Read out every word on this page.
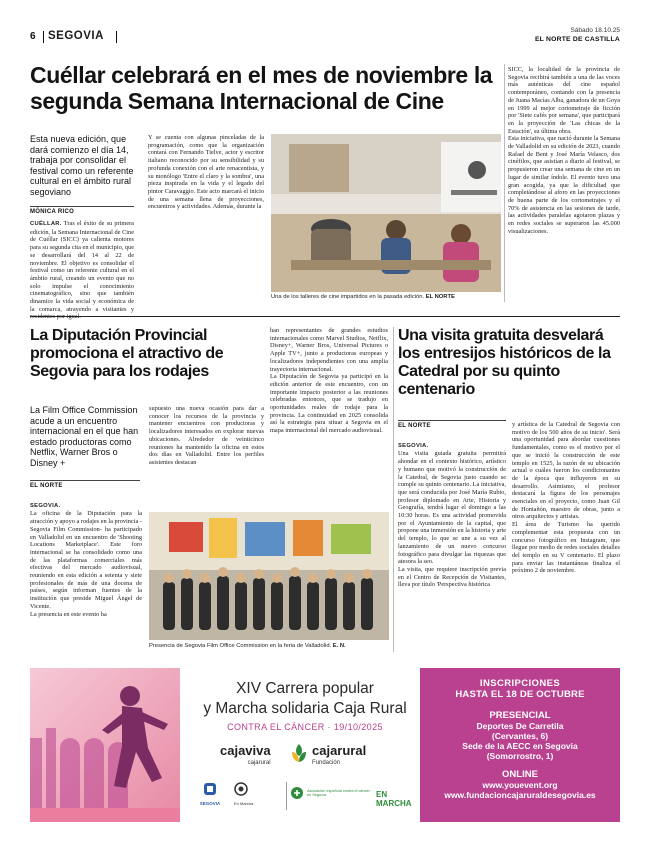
6 SEGOVIA	Sábado 18.10.25
EL NORTE DE CASTILLA
Cuéllar celebrará en el mes de noviembre la segunda Semana Internacional de Cine

Esta nueva edición, que dará comienzo el día 14, trabaja por consolidar el festival como un referente cultural en el ámbito rural segoviano

MÓNICA RICO
CUÉLLAR. Tras el éxito de su primera edición, la Semana Internacional de Cine de Cuéllar (SICC) ya calienta motores para su segunda cita en el municipio, que se desarrollará del 14 al 22 de noviembre. El objetivo es consolidar el festival como un referente cultural en el ámbito rural, creando un evento que no solo impulse el conocimiento cinematográfico, sino que también dinamice la vida social y económica de la comarca, atrayendo a visitantes y
Y se cuenta con algunas pinceladas de la programación, como que la organización contará con Fernando Tielve, actor y escritor italiano reconocido por su sensibilidad y su profunda conexión con el arte renacentista, y su monólogo 'Entre el claro y la sombra', una pieza inspirada en la vida y el legado del pintor Caravaggio. Este acto marcará el inicio de una semana llena de proyecciones, encuentros y actividades. Además, durante la
Una de los talleres de cine impartidos en la pasada edición. EL NORTE
SICC, la localidad de la provincia de Segovia recibirá también a una de las voces más auténticas del cine español contemporáneo, contando con la presencia de Juana Macías Alba, ganadora de un Goya en 1999 al mejor cortometraje de ficción por 'Siete cafés por semana', que participará en la proyección de 'Las chicas de la Estación', su última obra.
Esta iniciativa, que nació durante la Semana de Valladolid en su edición de 2023, cuando Rafael de Bent y José María Velasco, dos cinéfilos, que asistían a diario al festival, se propusieron crear una semana de cine en un lugar de similar índole. El evento tuvo una gran acogida, ya que la dificultad que completándose al aforo en las proyecciones de buena parte de los cortometrajes y el 70% de asistencia en las sesiones de tarde, las actividades paralelas agotaron plazas y en redes sociales se superaron las 45.000 visualizaciones.
La Diputación Provincial promociona el atractivo de Segovia para los rodajes

La Film Office Commission acude a un encuentro internacional en el que han estado productoras como Netflix, Warner Bros o Disney +

EL NORTE

SEGOVIA.
La oficina de la Diputación para la atracción y apoyo a rodajes en la provincia -Segovia Film Commission- ha participado en Valladolid en un encuentro de 'Shooting Locations Marketplace'. Este foro internacional se ha consolidado como una de las plataformas comerciales más efectivas del mercado audiovisual, reuniendo en esta edición a setenta y siete profesionales de más de una docena de países, según informan fuentes de la institución que preside Miguel Ángel de Vicente.
La presencia en este evento ha

supuesto una nueva ocasión para dar a conocer los recursos de la provincia y mantener encuentros con productoras y localizadores interesados en explorar nuevas ubicaciones. Alrededor de veinticinco reuniones ha mantenido la oficina en estos dos días en Valladolid. Entre los perfiles asistentes destacan
han representantes de grandes estudios internacionales como Marvel Studios, Netflix, Disney+, Warner Bros, Universal Pictures o Apple TV+, junto a productoras europeas y localizadores independientes con una amplia trayectoria internacional.
La Diputación de Segovia ya participó en la edición anterior de este encuentro, con un importante impacto posterior a las reuniones celebradas entonces, que se tradujo en oportunidades reales de rodaje para la provincia. La continuidad en 2025 consolida así la estrategia para situar a Segovia en el mapa internacional del mercado audiovisual.
Presencia de Segovia Film Office Commission en la feria de Valladolid. E. N.
Una visita gratuita desvelará los entresijos históricos de la Catedral por su quinto centenario
EL NORTE

SEGOVIA.
Una visita guiada gratuita permitirá ahondar en el contexto histórico, artístico y humano que motivó la construcción de la Catedral, de Segovia justo cuando se cumple su quinto centenario. La iniciativa, que será conducida por José María Rubio, profesor diplomado en Arte, Historia y Geografía, tendrá lugar el domingo a las 10:30 horas. Es una actividad promovida por el Ayuntamiento de la capital, que propone una inmersión en la historia y arte del templo, lo que se une a su vez al lanzamiento de un nuevo concurso fotográfico para divulgar las riquezas que atesora la seo.
La visita, que requiere inscripción previa en el Centro de Recepción de Visitantes, lleva por título 'Perspectiva histórica

y artística de la Catedral de Segovia con motivo de los 500 años de su inicio'. Será una oportunidad para abordar cuestiones fundamentales, como es el motivo por el que se inició la construcción de este templo en 1525, la razón de su ubicación actual o cuáles fueron los condicionantes de la época que influyeron en su desarrollo. Asimismo, el profesor destacará la figura de los personajes esenciales en el proyecto, como Juan Gil de Hontañón, maestro de obras, junto a otros arquitectos y artistas.
El área de Turismo ha querido complementar esta propuesta con un concurso fotográfico en Instagram, que llegue por medio de redes sociales detalles del templo en su V centenario. El plazo para enviar las instantáneas finaliza el próximo 2 de noviembre.
XIV Carrera popular
y Marcha solidaria Caja Rural
CONTRA EL CÁNCER · 19/10/2025
cajaviva
cajarural
cajarural
Fundación
SEGOVIA	En Marcha
Asociación española contra el cáncer en Segovia	EN MARCHA
INSCRIPCIONES
HASTA EL 18 DE OCTUBRE
PRESENCIAL
Deportes De Carretila
(Cervantes, 6)
Sede de la AECC en Segovia
(Somorrostro, 1)
ONLINE
www.youevent.org
www.fundacioncajaruraldesegovia.es
